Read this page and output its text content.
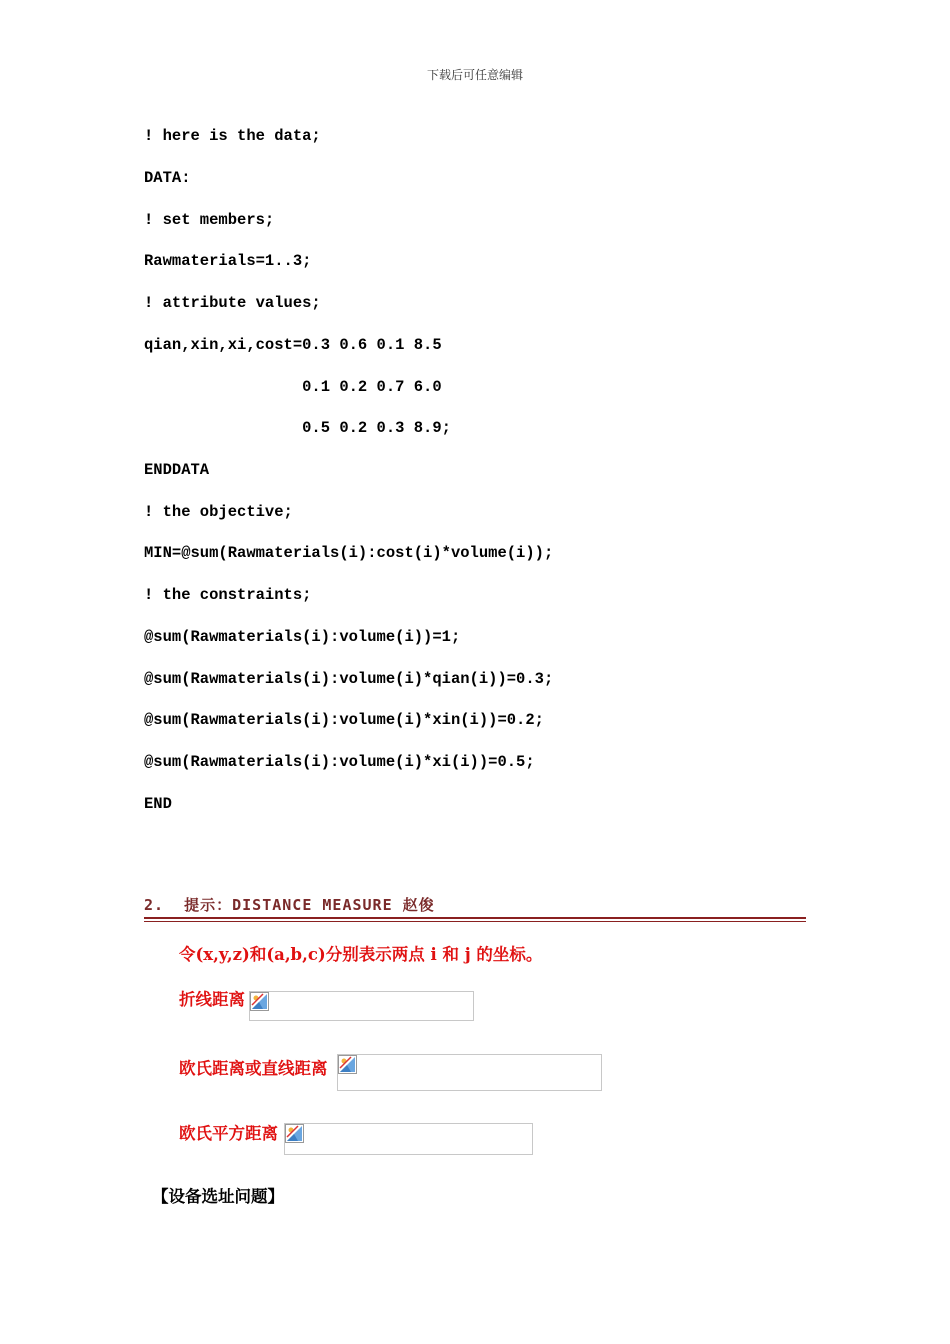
下载后可任意编辑
! here is the data;
DATA:
! set members;
Rawmaterials=1..3;
! attribute values;
qian,xin,xi,cost=0.3 0.6 0.1 8.5
0.1 0.2 0.7 6.0
0.5 0.2 0.3 8.9;
ENDDATA
! the objective;
MIN=@sum(Rawmaterials(i):cost(i)*volume(i));
! the constraints;
@sum(Rawmaterials(i):volume(i))=1;
@sum(Rawmaterials(i):volume(i)*qian(i))=0.3;
@sum(Rawmaterials(i):volume(i)*xin(i))=0.2;
@sum(Rawmaterials(i):volume(i)*xi(i))=0.5;
END
2.  提示：DISTANCE MEASURE 赵俊
令(x,y,z)和(a,b,c)分别表示两点 i 和 j 的坐标。
折线距离
欧氏距离或直线距离
欧氏平方距离
【设备选址问题】
